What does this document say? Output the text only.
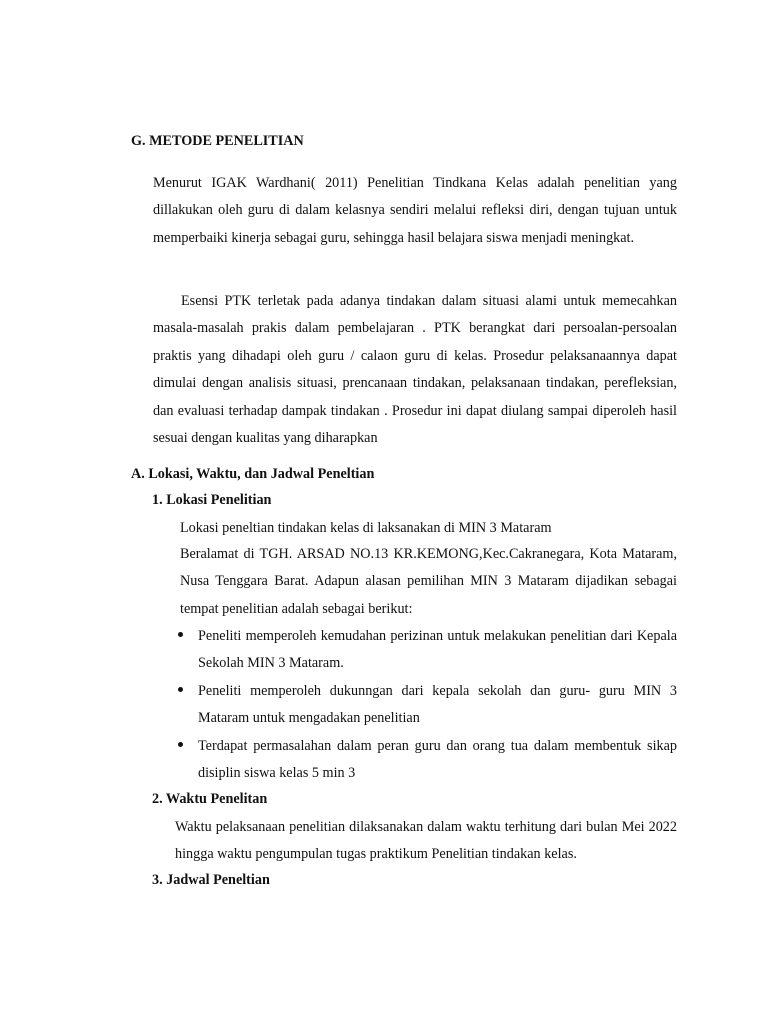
G. METODE PENELITIAN
Menurut IGAK Wardhani( 2011) Penelitian Tindkana Kelas adalah penelitian yang dillakukan oleh guru di dalam kelasnya sendiri melalui refleksi diri, dengan tujuan untuk memperbaiki kinerja sebagai guru, sehingga hasil belajara siswa menjadi meningkat.
Esensi PTK terletak pada adanya tindakan dalam situasi alami untuk memecahkan masala-masalah prakis dalam pembelajaran . PTK berangkat dari persoalan-persoalan praktis yang dihadapi oleh guru / calaon guru di kelas. Prosedur pelaksanaannya dapat dimulai dengan analisis situasi, prencanaan tindakan, pelaksanaan tindakan, perefleksian, dan evaluasi terhadap dampak tindakan . Prosedur ini dapat diulang sampai diperoleh hasil sesuai dengan kualitas yang diharapkan
A. Lokasi, Waktu, dan Jadwal Peneltian
1. Lokasi Penelitian
Lokasi peneltian tindakan kelas di laksanakan di MIN 3 Mataram
Beralamat di TGH. ARSAD NO.13 KR.KEMONG,Kec.Cakranegara, Kota Mataram, Nusa Tenggara Barat. Adapun alasan pemilihan MIN 3 Mataram dijadikan sebagai tempat penelitian adalah sebagai berikut:
Peneliti memperoleh kemudahan perizinan untuk melakukan penelitian dari Kepala Sekolah MIN 3 Mataram.
Peneliti memperoleh dukunngan dari kepala sekolah dan guru- guru MIN 3 Mataram untuk mengadakan penelitian
Terdapat permasalahan dalam peran guru dan orang tua dalam membentuk sikap disiplin siswa kelas 5 min 3
2. Waktu Penelitan
Waktu pelaksanaan penelitian dilaksanakan dalam waktu terhitung dari bulan Mei 2022 hingga waktu pengumpulan tugas praktikum Penelitian tindakan kelas.
3. Jadwal Peneltian
